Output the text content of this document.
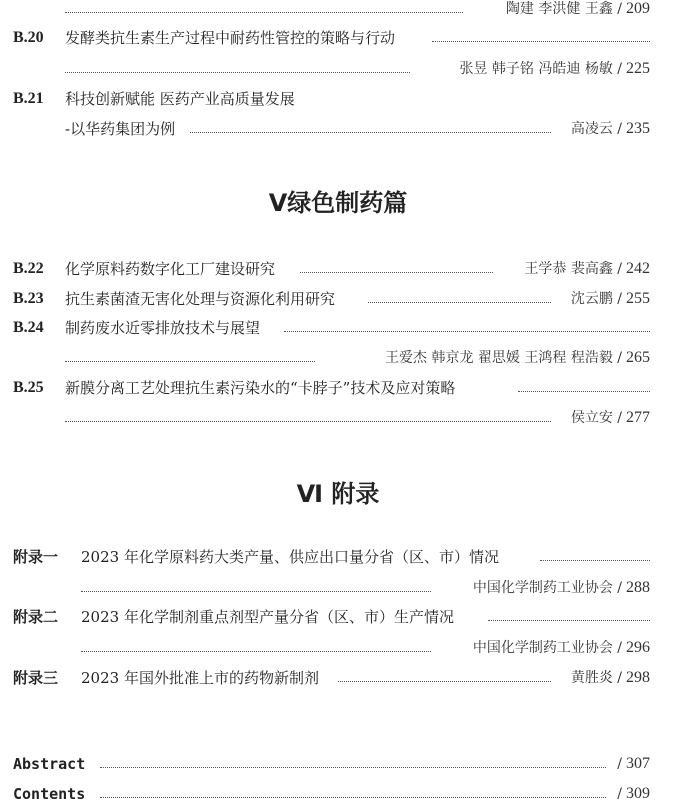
陶建 李洪健 王鑫 / 209
B.20 发酵类抗生素生产过程中耐药性管控的策略与行动
张昱 韩子铭 冯皓迪 杨敏 / 225
B.21 科技创新赋能 医药产业高质量发展
-以华药集团为例	高凌云 / 235
Ⅴ绿色制药篇
B.22 化学原料药数字化工厂建设研究	王学恭 裴高鑫 / 242
B.23 抗生素菌渣无害化处理与资源化利用研究	沈云鹏 / 255
B.24 制药废水近零排放技术与展望
王爱杰 韩京龙 翟思媛 王鸿程 程浩毅 / 265
B.25 新膜分离工艺处理抗生素污染水的“卡脖子”技术及应对策略
侯立安 / 277
Ⅵ 附录
附录一 2023 年化学原料药大类产量、供应出口量分省（区、市）情况
中国化学制药工业协会 / 288
附录二 2023 年化学制剂重点剂型产量分省（区、市）生产情况
中国化学制药工业协会 / 296
附录三 2023 年国外批准上市的药物新制剂	黄胜炎 / 298
Abstract	/ 307
Contents	/ 309
